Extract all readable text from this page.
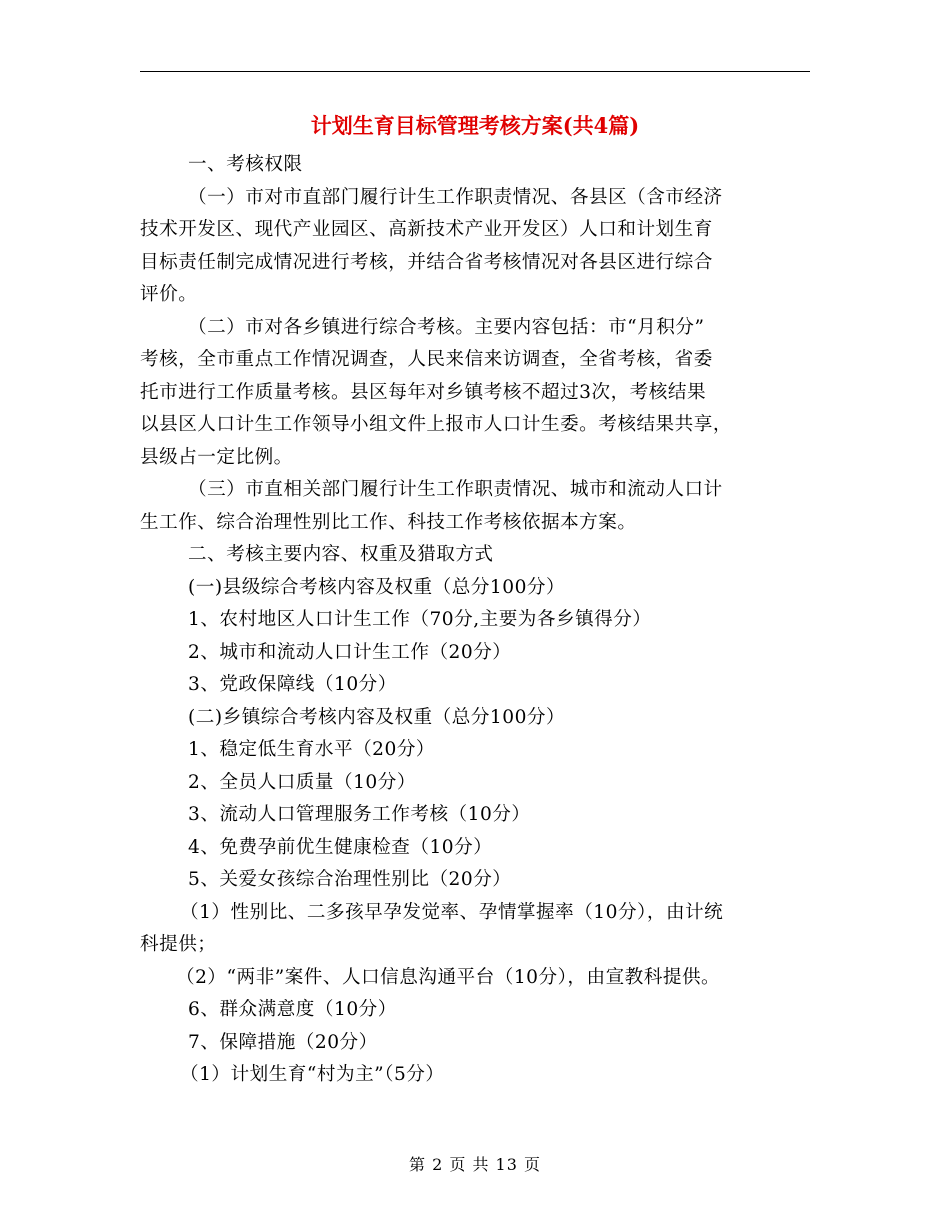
计划生育目标管理考核方案(共4篇)

一、考核权限

（一）市对市直部门履行计生工作职责情况、各县区（含市经济

技术开发区、现代产业园区、高新技术产业开发区）人口和计划生育

目标责任制完成情况进行考核，并结合省考核情况对各县区进行综合

评价。

（二）市对各乡镇进行综合考核。主要内容包括：市“月积分”

考核，全市重点工作情况调查，人民来信来访调查，全省考核，省委

托市进行工作质量考核。县区每年对乡镇考核不超过3次，考核结果

以县区人口计生工作领导小组文件上报市人口计生委。考核结果共享，

县级占一定比例。

（三）市直相关部门履行计生工作职责情况、城市和流动人口计

生工作、综合治理性别比工作、科技工作考核依据本方案。

二、考核主要内容、权重及猎取方式

(一)县级综合考核内容及权重（总分100分）

1、农村地区人口计生工作（70分,主要为各乡镇得分）

2、城市和流动人口计生工作（20分）

3、党政保障线（10分）

(二)乡镇综合考核内容及权重（总分100分）

1、稳定低生育水平（20分）

2、全员人口质量（10分）

3、流动人口管理服务工作考核（10分）

4、免费孕前优生健康检查（10分）

5、关爱女孩综合治理性别比（20分）

（1）性别比、二多孩早孕发觉率、孕情掌握率（10分），由计统

科提供；

（2）“两非”案件、人口信息沟通平台（10分），由宣教科提供。

6、群众满意度（10分）

7、保障措施（20分）

（1）计划生育“村为主”（5分）

第 2 页 共 13 页
